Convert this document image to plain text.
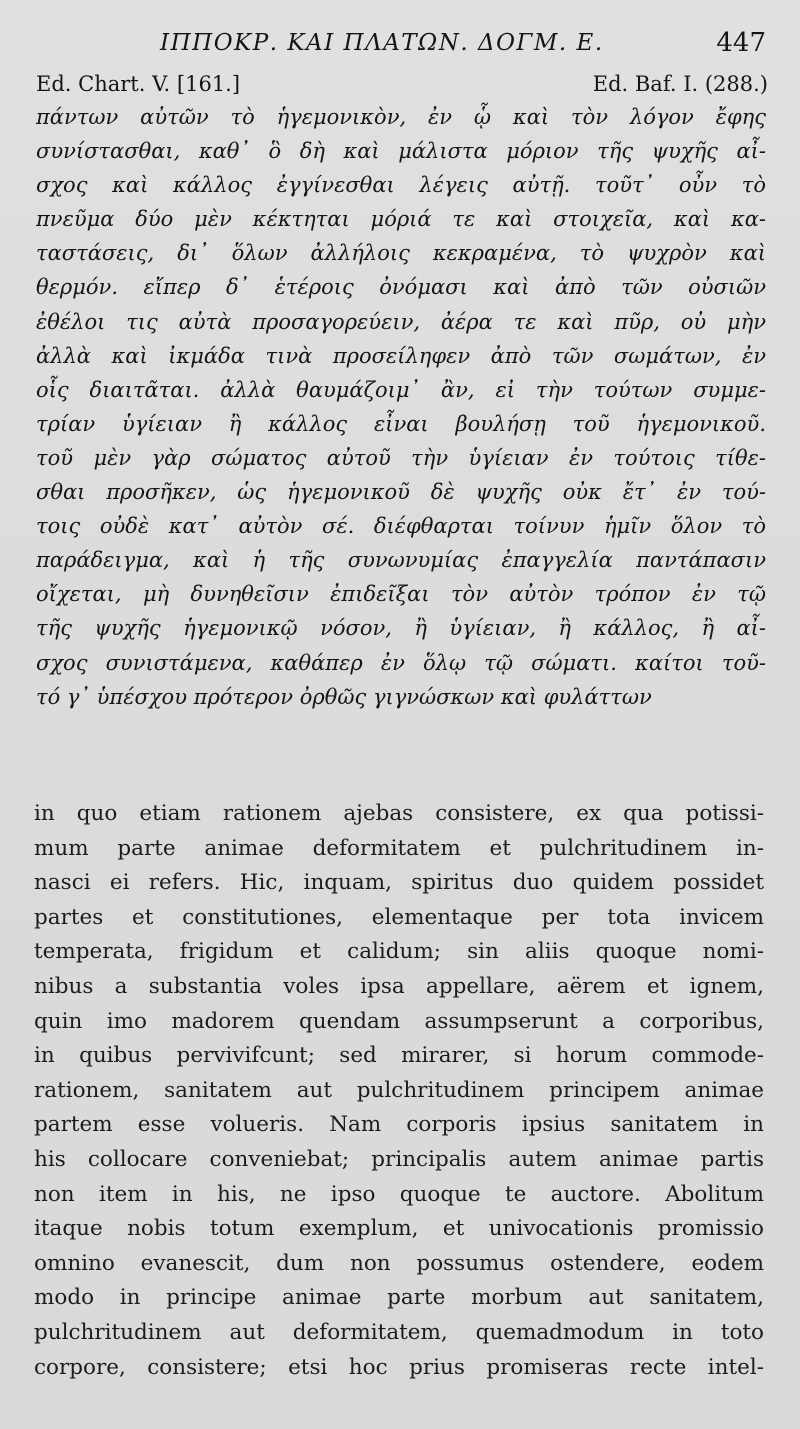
ΙΠΠΟΚΡ. ΚΑΙ ΠΛΑΤΩΝ. ΔΟΓΜ. Ε.	447
Ed. Chart. V. [161.]	Ed. Baf. I. (288.)
πάντων αὐτῶν τὸ ἡγεμονικὸν, ἐν ᾧ καὶ τὸν λόγον ἔφης
συνίστασθαι, καθ᾽ ὃ δὴ καὶ μάλιστα μόριον τῆς ψυχῆς αἶ-
σχος καὶ κάλλος ἐγγίνεσθαι λέγεις αὐτῇ. τοῦτ᾽ οὖν τὸ
πνεῦμα δύο μὲν κέκτηται μόριά τε καὶ στοιχεῖα, καὶ κα-
ταστάσεις, δι᾽ ὅλων ἀλλήλοις κεκραμένα, τὸ ψυχρὸν καὶ
θερμόν. εἴπερ δ᾽ ἑτέροις ὀνόμασι καὶ ἀπὸ τῶν οὐσιῶν
ἐθέλοι τις αὐτὰ προσαγορεύειν, ἀέρα τε καὶ πῦρ, οὐ μὴν
ἀλλὰ καὶ ἰκμάδα τινὰ προσείληφεν ἀπὸ τῶν σωμάτων, ἐν
οἷς διαιτᾶται. ἀλλὰ θαυμάζοιμ᾽ ἂν, εἰ τὴν τούτων συμμε-
τρίαν ὑγίειαν ἢ κάλλος εἶναι βουλήσῃ τοῦ ἡγεμονικοῦ.
τοῦ μὲν γὰρ σώματος αὐτοῦ τὴν ὑγίειαν ἐν τούτοις τίθε-
σθαι προσῆκεν, ὡς ἡγεμονικοῦ δὲ ψυχῆς οὐκ ἔτ᾽ ἐν τού-
τοις οὐδὲ κατ᾽ αὐτὸν σέ. διέφθαρται τοίνυν ἡμῖν ὅλον τὸ
παράδειγμα, καὶ ἡ τῆς συνωνυμίας ἐπαγγελία παντάπασιν
οἴχεται, μὴ δυνηθεῖσιν ἐπιδεῖξαι τὸν αὐτὸν τρόπον ἐν τῷ
τῆς ψυχῆς ἡγεμονικῷ νόσον, ἢ ὑγίειαν, ἢ κάλλος, ἢ αἶ-
σχος συνιστάμενα, καθάπερ ἐν ὅλῳ τῷ σώματι. καίτοι τοῦ-
τό γ᾽ ὑπέσχου πρότερον ὀρθῶς γιγνώσκων καὶ φυλάττων
in quo etiam rationem ajebas consistere, ex qua potissi-
mum parte animae deformitatem et pulchritudinem in-
nasci ei refers. Hic, inquam, spiritus duo quidem possidet
partes et constitutiones, elementaque per tota invicem
temperata, frigidum et calidum; sin aliis quoque nomi-
nibus a substantia voles ipsa appellare, aërem et ignem,
quin imo madorem quendam assumpserunt a corporibus,
in quibus pervivifcunt; sed mirarer, si horum commode-
rationem, sanitatem aut pulchritudinem principem animae
partem esse volueris. Nam corporis ipsius sanitatem in
his collocare conveniebat; principalis autem animae partis
non item in his, ne ipso quoque te auctore. Abolitum
itaque nobis totum exemplum, et univocationis promissio
omnino evanescit, dum non possumus ostendere, eodem
modo in principe animae parte morbum aut sanitatem,
pulchritudinem aut deformitatem, quemadmodum in toto
corpore, consistere; etsi hoc prius promiseras recte intel-
